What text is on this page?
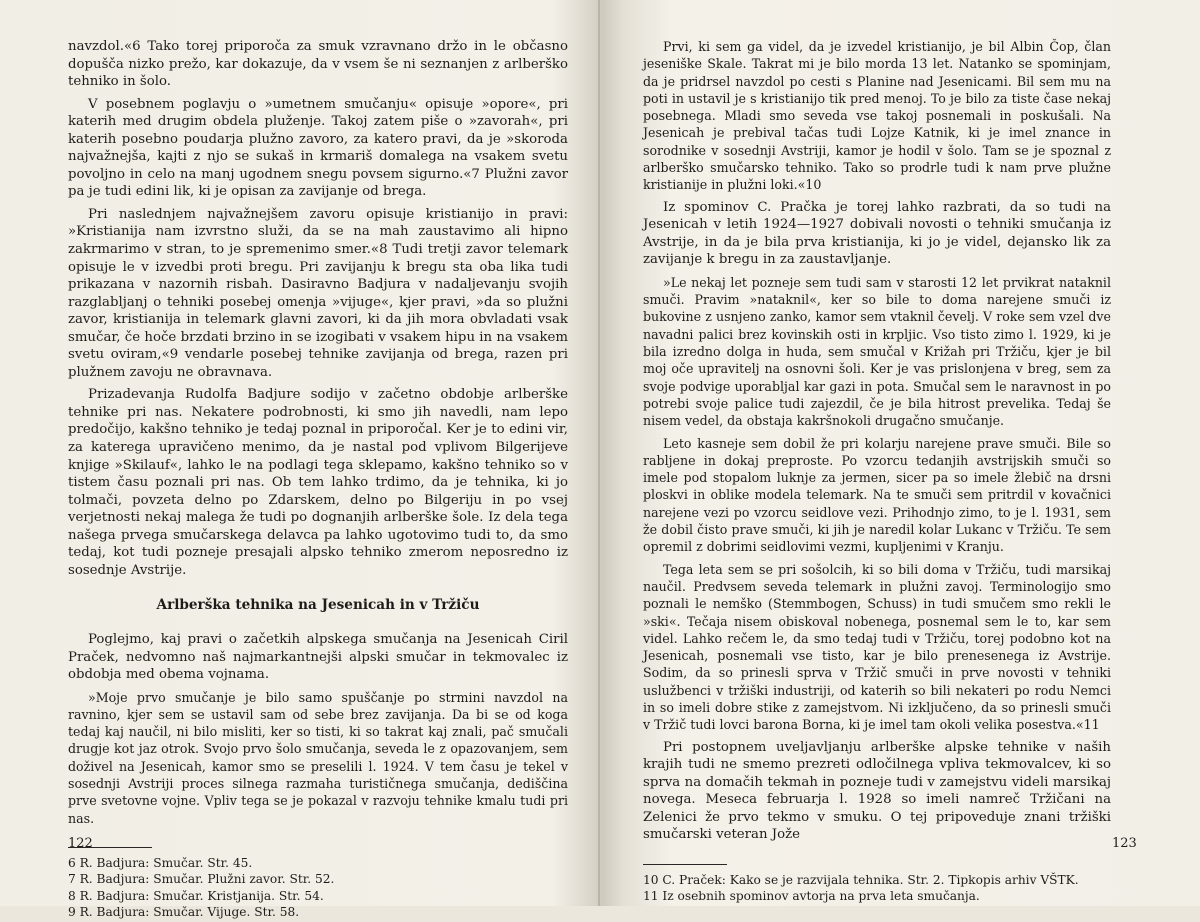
navzdol.«6 Tako torej priporoča za smuk vzravnano držo in le občasno dopušča nizko prežo, kar dokazuje, da v vsem še ni seznanjen z arlberško tehniko in šolo.

V posebnem poglavju o »umetnem smučanju« opisuje »opore«, pri katerih med drugim obdela pluženje. Takoj zatem piše o »zavorah«, pri katerih posebno poudarja plužno zavoro, za katero pravi, da je »skoroda najvažnejša, kajti z njo se sukaš in krmariš domalega na vsakem svetu povoljno in celo na manj ugodnem snegu povsem sigurno.«7 Plužni zavor pa je tudi edini lik, ki je opisan za zavijanje od brega.

Pri naslednjem najvažnejšem zavoru opisuje kristianijo in pravi: »Kristianija nam izvrstno služi, da se na mah zaustavimo ali hipno zakrmarimo v stran, to je spremenimo smer.«8 Tudi tretji zavor telemark opisuje le v izvedbi proti bregu. Pri zavijanju k bregu sta oba lika tudi prikazana v nazornih risbah. Dasiravno Badjura v nadaljevanju svojih razglabljanj o tehniki posebej omenja »vijuge«, kjer pravi, »da so plužni zavor, kristianija in telemark glavni zavori, ki da jih mora obvladati vsak smučar, če hoče brzdati brzino in se izogibati v vsakem hipu in na vsakem svetu oviram,«9 vendarle posebej tehnike zavijanja od brega, razen pri plužnem zavoju ne obravnava.

Prizadevanja Rudolfa Badjure sodijo v začetno obdobje arlberške tehnike pri nas. Nekatere podrobnosti, ki smo jih navedli, nam lepo predočijo, kakšno tehniko je tedaj poznal in priporočal. Ker je to edini vir, za katerega upravičeno menimo, da je nastal pod vplivom Bilgerijeve knjige »Skilauf«, lahko le na podlagi tega sklepamo, kakšno tehniko so v tistem času poznali pri nas. Ob tem lahko trdimo, da je tehnika, ki jo tolmači, povzeta delno po Zdarskem, delno po Bilgeriju in po vsej verjetnosti nekaj malega že tudi po dognanjih arlberške šole. Iz dela tega našega prvega smučarskega delavca pa lahko ugotovimo tudi to, da smo tedaj, kot tudi pozneje presajali alpsko tehniko zmerom neposredno iz sosednje Avstrije.

Arlberška tehnika na Jesenicah in v Tržiču

Poglejmo, kaj pravi o začetkih alpskega smučanja na Jesenicah Ciril Praček, nedvomno naš najmarkantnejši alpski smučar in tekmovalec iz obdobja med obema vojnama.

»Moje prvo smučanje je bilo samo spuščanje po strmini navzdol na ravnino, kjer sem se ustavil sam od sebe brez zavijanja. Da bi se od koga tedaj kaj naučil, ni bilo misliti, ker so tisti, ki so takrat kaj znali, pač smučali drugje kot jaz otrok. Svojo prvo šolo smučanja, seveda le z opazovanjem, sem doživel na Jesenicah, kamor smo se preselili l. 1924. V tem času je tekel v sosednji Avstriji proces silnega razmaha turističnega smučanja, dediščina prve svetovne vojne. Vpliv tega se je pokazal v razvoju tehnike kmalu tudi pri nas.

6 R. Badjura: Smučar. Str. 45.
7 R. Badjura: Smučar. Plužni zavor. Str. 52.
8 R. Badjura: Smučar. Kristjanija. Str. 54.
9 R. Badjura: Smučar. Vijuge. Str. 58.
122

Prvi, ki sem ga videl, da je izvedel kristianijo, je bil Albin Čop, član jeseniške Skale. Takrat mi je bilo morda 13 let. Natanko se spominjam, da je pridrsel navzdol po cesti s Planine nad Jesenicami. Bil sem mu na poti in ustavil je s kristianijo tik pred menoj. To je bilo za tiste čase nekaj posebnega. Mladi smo seveda vse takoj posnemali in poskušali. Na Jesenicah je prebival tačas tudi Lojze Katnik, ki je imel znance in sorodnike v sosednji Avstriji, kamor je hodil v šolo. Tam se je spoznal z arlberško smučarsko tehniko. Tako so prodrle tudi k nam prve plužne kristianije in plužni loki.«10

Iz spominov C. Pračka je torej lahko razbrati, da so tudi na Jesenicah v letih 1924—1927 dobivali novosti o tehniki smučanja iz Avstrije, in da je bila prva kristianija, ki jo je videl, dejansko lik za zavijanje k bregu in za zaustavljanje.

»Le nekaj let pozneje sem tudi sam v starosti 12 let prvikrat nataknil smuči. Pravim »nataknil«, ker so bile to doma narejene smuči iz bukovine z usnjeno zanko, kamor sem vtaknil čevelj. V roke sem vzel dve navadni palici brez kovinskih osti in krpljic. Vso tisto zimo l. 1929, ki je bila izredno dolga in huda, sem smučal v Križah pri Tržiču, kjer je bil moj oče upravitelj na osnovni šoli. Ker je vas prislonjena v breg, sem za svoje podvige uporabljal kar gazi in pota. Smučal sem le naravnost in po potrebi svoje palice tudi zajezdil, če je bila hitrost prevelika. Tedaj še nisem vedel, da obstaja kakršnokoli drugačno smučanje.

Leto kasneje sem dobil že pri kolarju narejene prave smuči. Bile so rabljene in dokaj preproste. Po vzorcu tedanjih avstrijskih smuči so imele pod stopalom luknje za jermen, sicer pa so imele žlebič na drsni ploskvi in oblike modela telemark. Na te smuči sem pritrdil v kovačnici narejene vezi po vzorcu seidlove vezi. Prihodnjo zimo, to je l. 1931, sem že dobil čisto prave smuči, ki jih je naredil kolar Lukanc v Tržiču. Te sem opremil z dobrimi seidlovimi vezmi, kupljenimi v Kranju.

Tega leta sem se pri sošolcih, ki so bili doma v Tržiču, tudi marsikaj naučil. Predvsem seveda telemark in plužni zavoj. Terminologijo smo poznali le nemško (Stemmbogen, Schuss) in tudi smučem smo rekli le »ski«. Tečaja nisem obiskoval nobenega, posnemal sem le to, kar sem videl. Lahko rečem le, da smo tedaj tudi v Tržiču, torej podobno kot na Jesenicah, posnemali vse tisto, kar je bilo prenesenega iz Avstrije. Sodim, da so prinesli sprva v Tržič smuči in prve novosti v tehniki uslužbenci v tržiški industriji, od katerih so bili nekateri po rodu Nemci in so imeli dobre stike z zamejstvom. Ni izključeno, da so prinesli smuči v Tržič tudi lovci barona Borna, ki je imel tam okoli velika posestva.«11

Pri postopnem uveljavljanju arlberške alpske tehnike v naših krajih tudi ne smemo prezreti odločilnega vpliva tekmovalcev, ki so sprva na domačih tekmah in pozneje tudi v zamejstvu videli marsikaj novega. Meseca februarja l. 1928 so imeli namreč Tržičani na Zelenici že prvo tekmo v smuku. O tej pripoveduje znani tržiški smučarski veteran Jože

10 C. Praček: Kako se je razvijala tehnika. Str. 2. Tipkopis arhiv VŠTK.
11 Iz osebnih spominov avtorja na prva leta smučanja.
123
